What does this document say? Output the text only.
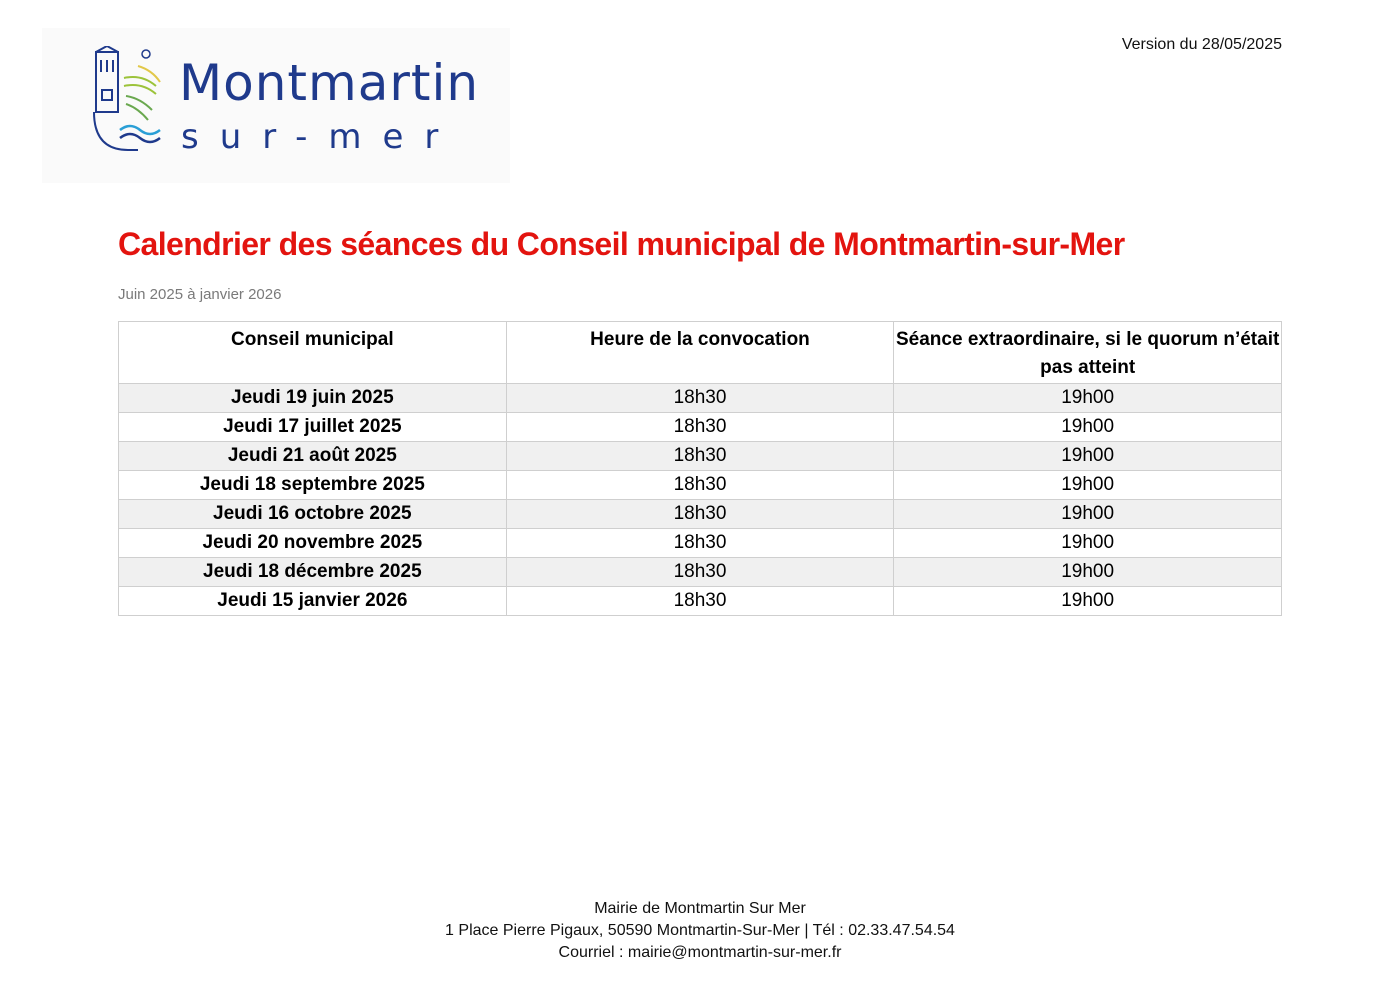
Version du 28/05/2025
Montmartin
sur-mer
Calendrier des séances du Conseil municipal de Montmartin-sur-Mer
Juin 2025 à janvier 2026
Conseil municipal	Heure de la convocation	Séance extraordinaire, si le quorum n’était pas atteint
Jeudi 19 juin 2025	18h30	19h00
Jeudi 17 juillet 2025	18h30	19h00
Jeudi 21 août 2025	18h30	19h00
Jeudi 18 septembre 2025	18h30	19h00
Jeudi 16 octobre 2025	18h30	19h00
Jeudi 20 novembre 2025	18h30	19h00
Jeudi 18 décembre 2025	18h30	19h00
Jeudi 15 janvier 2026	18h30	19h00
Mairie de Montmartin Sur Mer
1 Place Pierre Pigaux, 50590 Montmartin-Sur-Mer | Tél : 02.33.47.54.54
Courriel : mairie@montmartin-sur-mer.fr
